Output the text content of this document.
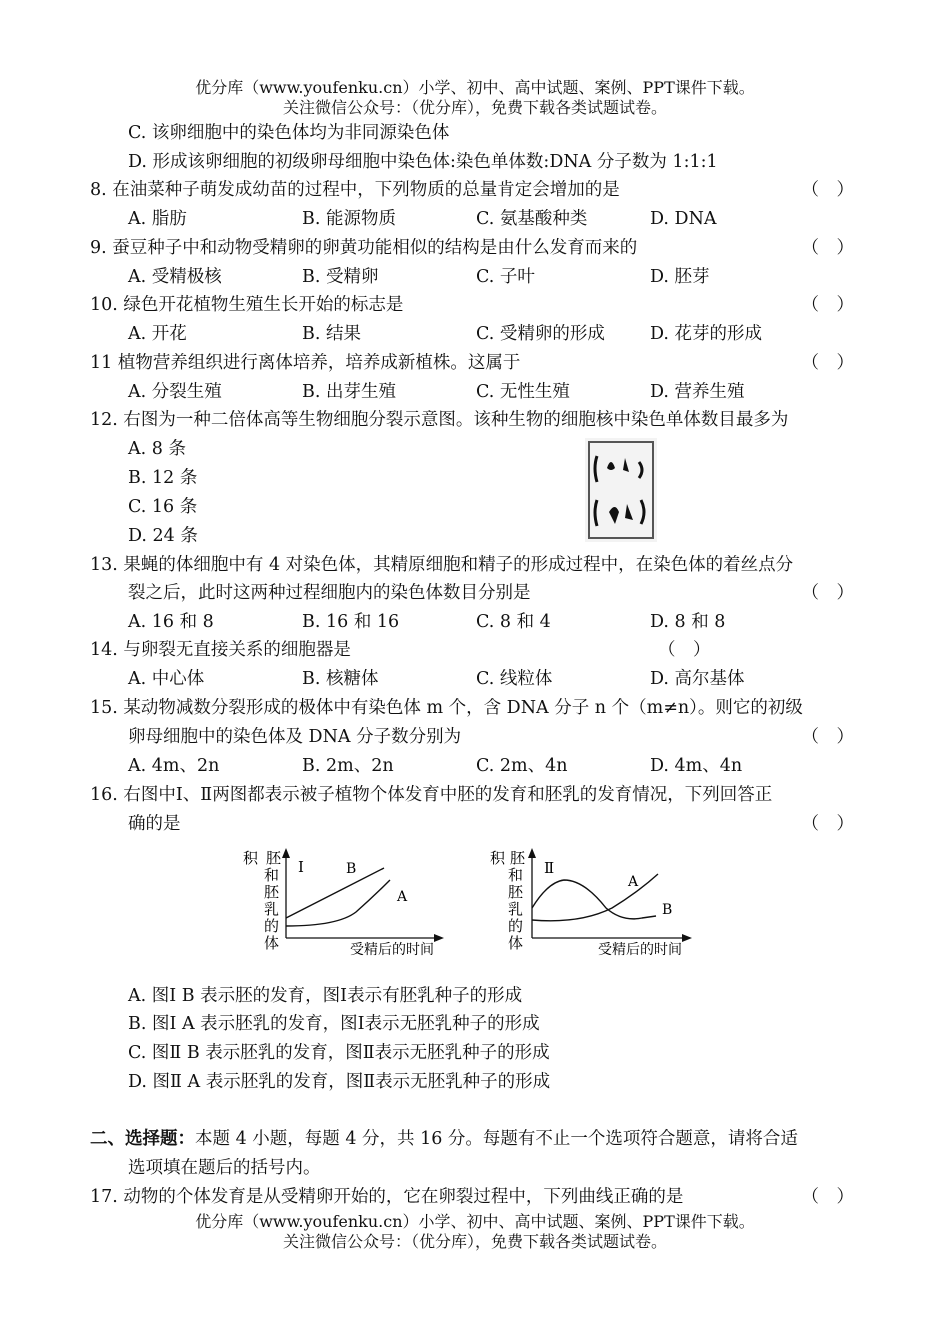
优分库（www.youfenku.cn）小学、初中、高中试题、案例、PPT课件下载。
关注微信公众号：（优分库），免费下载各类试题试卷。
C. 该卵细胞中的染色体均为非同源染色体
D. 形成该卵细胞的初级卵母细胞中染色体:染色单体数:DNA 分子数为 1:1:1
8. 在油菜种子萌发成幼苗的过程中，下列物质的总量肯定会增加的是	（　）
A. 脂肪	B. 能源物质	C. 氨基酸种类	D. DNA
9. 蚕豆种子中和动物受精卵的卵黄功能相似的结构是由什么发育而来的	（　）
A. 受精极核	B. 受精卵	C. 子叶	D. 胚芽
10. 绿色开花植物生殖生长开始的标志是	（　）
A. 开花	B. 结果	C. 受精卵的形成	D. 花芽的形成
11 植物营养组织进行离体培养，培养成新植株。这属于	（　）
A. 分裂生殖	B. 出芽生殖	C. 无性生殖	D. 营养生殖
12. 右图为一种二倍体高等生物细胞分裂示意图。该种生物的细胞核中染色单体数目最多为
A. 8 条
B. 12 条
C. 16 条
D. 24 条
13. 果蝇的体细胞中有 4 对染色体，其精原细胞和精子的形成过程中，在染色体的着丝点分
裂之后，此时这两种过程细胞内的染色体数目分别是	（　）
A. 16 和 8	B. 16 和 16	C. 8 和 4	D. 8 和 8
14. 与卵裂无直接关系的细胞器是	（　）
A. 中心体	B. 核糖体	C. 线粒体	D. 高尔基体
15. 某动物减数分裂形成的极体中有染色体 m 个，含 DNA 分子 n 个（m≠n）。则它的初级
卵母细胞中的染色体及 DNA 分子数分别为	（　）
A. 4m、2n	B. 2m、2n	C. 2m、4n	D. 4m、4n
16. 右图中Ⅰ、Ⅱ两图都表示被子植物个体发育中胚的发育和胚乳的发育情况，下列回答正
确的是	（　）
胚
积
和
胚
乳
的
体
Ⅰ	B
A
受精后的时间
胚
积
和
胚
乳
的
体
Ⅱ
A
B
受精后的时间
A. 图Ⅰ B 表示胚的发育，图Ⅰ表示有胚乳种子的形成
B. 图Ⅰ A 表示胚乳的发育，图Ⅰ表示无胚乳种子的形成
C. 图Ⅱ B 表示胚乳的发育，图Ⅱ表示无胚乳种子的形成
D. 图Ⅱ A 表示胚乳的发育，图Ⅱ表示无胚乳种子的形成
二、选择题：本题 4 小题，每题 4 分，共 16 分。每题有不止一个选项符合题意，请将合适
选项填在题后的括号内。
17. 动物的个体发育是从受精卵开始的，它在卵裂过程中，下列曲线正确的是	（　）
优分库（www.youfenku.cn）小学、初中、高中试题、案例、PPT课件下载。
关注微信公众号：（优分库），免费下载各类试题试卷。
